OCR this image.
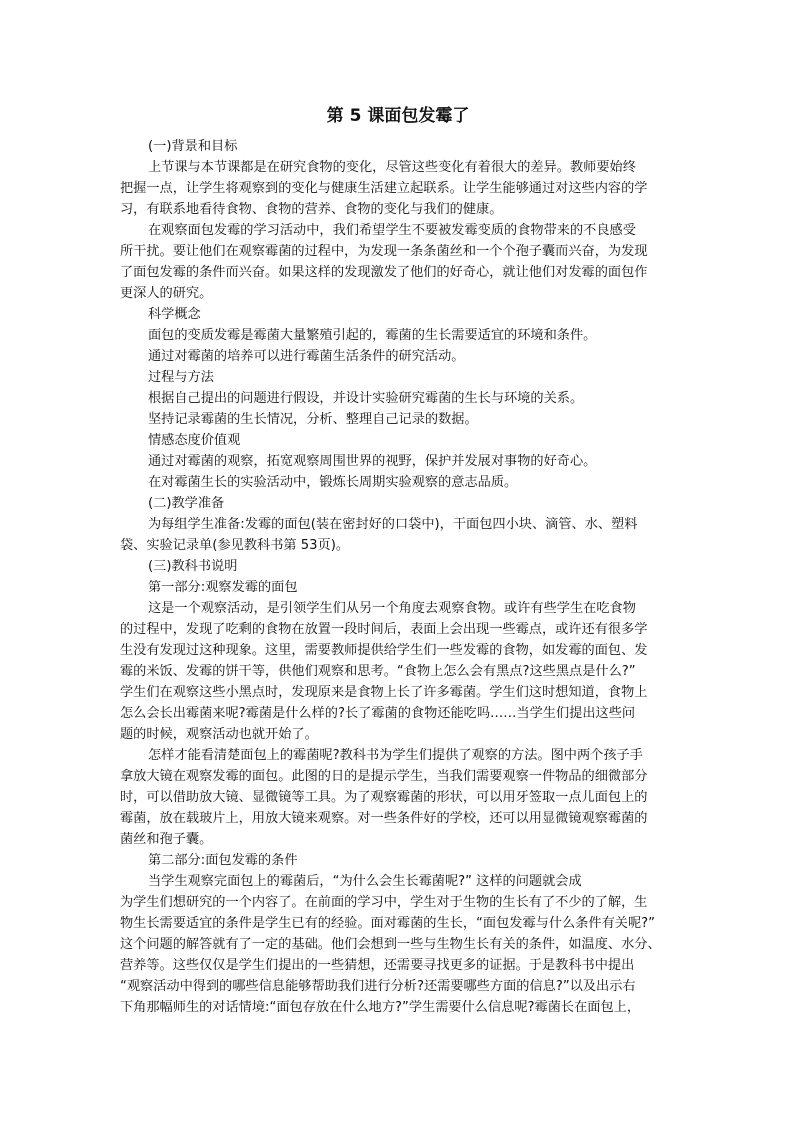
第 5 课面包发霉了
(一)背景和目标
上节课与本节课都是在研究食物的变化，尽管这些变化有着很大的差异。教师要始终
把握一点，让学生将观察到的变化与健康生活建立起联系。让学生能够通过对这些内容的学
习，有联系地看待食物、食物的营养、食物的变化与我们的健康。
在观察面包发霉的学习活动中，我们希望学生不要被发霉变质的食物带来的不良感受
所干扰。要让他们在观察霉菌的过程中，为发现一条条菌丝和一个个孢子囊而兴奋，为发现
了面包发霉的条件而兴奋。如果这样的发现激发了他们的好奇心，就让他们对发霉的面包作
更深人的研究。
科学概念
面包的变质发霉是霉菌大量繁殖引起的，霉菌的生长需要适宜的环境和条件。
通过对霉菌的培养可以进行霉菌生活条件的研究活动。
过程与方法
根据自己提出的问题进行假设，并设计实验研究霉菌的生长与环境的关系。
坚持记录霉菌的生长情况，分析、整理自己记录的数据。
情感态度价值观
通过对霉菌的观察，拓宽观察周围世界的视野，保护并发展对事物的好奇心。
在对霉菌生长的实验活动中，锻炼长周期实验观察的意志品质。
(二)教学准备
为每组学生准备:发霉的面包(装在密封好的口袋中)，干面包四小块、滴管、水、塑料
袋、实验记录单(参见教科书第 53页)。
(三)教科书说明
第一部分:观察发霉的面包
这是一个观察活动，是引领学生们从另一个角度去观察食物。或许有些学生在吃食物
的过程中，发现了吃剩的食物在放置一段时间后，表面上会出现一些霉点，或许还有很多学
生没有发现过这种现象。这里，需要教师提供给学生们一些发霉的食物，如发霉的面包、发
霉的米饭、发霉的饼干等，供他们观察和思考。“食物上怎么会有黑点?这些黑点是什么?”
学生们在观察这些小黑点时，发现原来是食物上长了许多霉菌。学生们这时想知道，食物上
怎么会长出霉菌来呢?霉菌是什么样的?长了霉菌的食物还能吃吗……当学生们提出这些问
题的时候，观察活动也就开始了。
怎样才能看清楚面包上的霉菌呢?教科书为学生们提供了观察的方法。图中两个孩子手
拿放大镜在观察发霉的面包。此图的日的是提示学生，当我们需要观察一件物品的细微部分
时，可以借助放大镜、显微镜等工具。为了观察霉菌的形状，可以用牙签取一点儿面包上的
霉菌，放在载玻片上，用放大镜来观察。对一些条件好的学校，还可以用显微镜观察霉菌的
菌丝和孢子囊。
第二部分:面包发霉的条件
当学生观察完面包上的霉菌后，“为什么会生长霉菌呢?” 这样的问题就会成
为学生们想研究的一个内容了。在前面的学习中，学生对于生物的生长有了不少的了解，生
物生长需要适宜的条件是学生已有的经验。面对霉菌的生长，“面包发霉与什么条件有关呢?”
这个问题的解答就有了一定的基础。他们会想到一些与生物生长有关的条件，如温度、水分、
营养等。这些仅仅是学生们提出的一些猜想，还需要寻找更多的证据。于是教科书中提出
“观察活动中得到的哪些信息能够帮助我们进行分析?还需要哪些方面的信息?”以及出示右
下角那幅师生的对话情境:“面包存放在什么地方?”学生需要什么信息呢?霉菌长在面包上，
